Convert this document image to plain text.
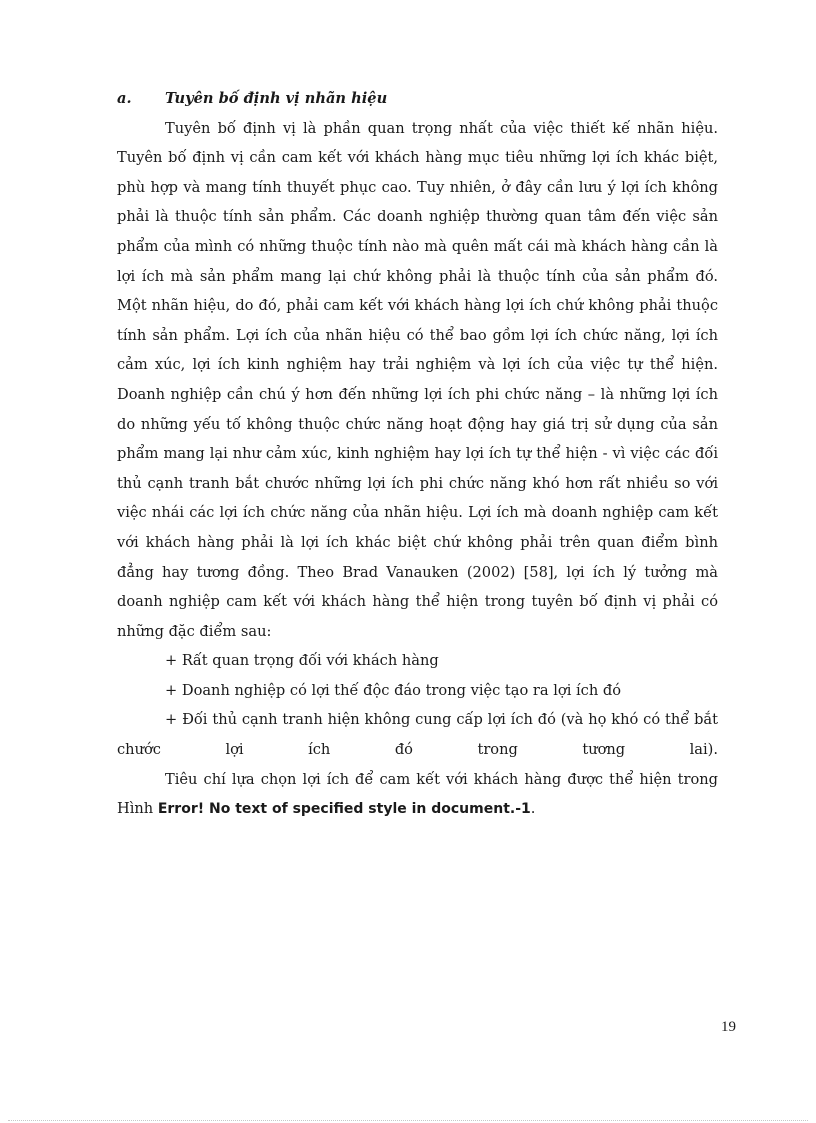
a.	Tuyên bố định vị nhãn hiệu

Tuyên bố định vị là phần quan trọng nhất của việc thiết kế nhãn hiệu. Tuyên bố định vị cần cam kết với khách hàng mục tiêu những lợi ích khác biệt, phù hợp và mang tính thuyết phục cao. Tuy nhiên, ở đây cần lưu ý lợi ích không phải là thuộc tính sản phẩm. Các doanh nghiệp thường quan tâm đến việc sản phẩm của mình có những thuộc tính nào mà quên mất cái mà khách hàng cần là lợi ích mà sản phẩm mang lại chứ không phải là thuộc tính của sản phẩm đó. Một nhãn hiệu, do đó, phải cam kết với khách hàng lợi ích chứ không phải thuộc tính sản phẩm. Lợi ích của nhãn hiệu có thể bao gồm lợi ích chức năng, lợi ích cảm xúc, lợi ích kinh nghiệm hay trải nghiệm và lợi ích của việc tự thể hiện. Doanh nghiệp cần chú ý hơn đến những lợi ích phi chức năng – là những lợi ích do những yếu tố không thuộc chức năng hoạt động hay giá trị sử dụng của sản phẩm mang lại như cảm xúc, kinh nghiệm hay lợi ích tự thể hiện - vì việc các đối thủ cạnh tranh bắt chước những lợi ích phi chức năng khó hơn rất nhiều so với việc nhái các lợi ích chức năng của nhãn hiệu. Lợi ích mà doanh nghiệp cam kết với khách hàng phải là lợi ích khác biệt chứ không phải trên quan điểm bình đẳng hay tương đồng. Theo Brad Vanauken (2002) [58], lợi ích lý tưởng mà doanh nghiệp cam kết với khách hàng thể hiện trong tuyên bố định vị phải có những đặc điểm sau:

+ Rất quan trọng đối với khách hàng

+ Doanh nghiệp có lợi thế độc đáo trong việc tạo ra lợi ích đó

+ Đối thủ cạnh tranh hiện không cung cấp lợi ích đó (và họ khó có thể bắt chước lợi ích đó trong tương lai).

Tiêu chí lựa chọn lợi ích để cam kết với khách hàng được thể hiện trong Hình Error! No text of specified style in document.-1.

19
